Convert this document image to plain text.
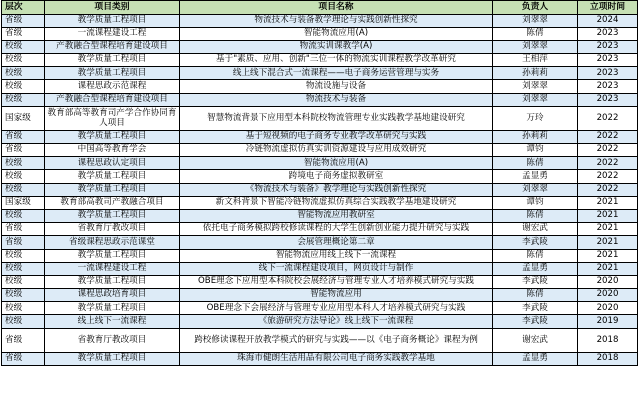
层次	项目类别	项目名称	负责人	立项时间
省级	教学质量工程项目	物流技术与装备教学理论与实践创新性探究	刘翠翠	2024
省级	一流课程建设工程	智能物流应用(A)	陈倩	2023
校级	产教融合型课程培育建设项目	物流实训课教学(A)	刘翠翠	2023
校级	教学质量工程项目	基于"素质、应用、创新"三位一体的物流实训课程教学改革研究	王相萍	2023
校级	教学质量工程项目	线上线下混合式一流课程——电子商务运营管理与实务	孙莉莉	2023
校级	课程思政示范课程	物流设施与设备	刘翠翠	2023
校级	产教融合型课程培育建设项目	物流技术与装备	刘翠翠	2023
国家级	教育部高等教育司产学合作协同育人项目	智慧物流背景下应用型本科院校物流管理专业实践教学基地建设研究	万玲	2022
省级	教学质量工程项目	基于短视频的电子商务专业教学改革研究与实践	孙莉莉	2022
省级	中国高等教育学会	冷链物流虚拟仿真实训资源建设与应用成效研究	谭钧	2022
校级	课程思政认定项目	智能物流应用(A)	陈倩	2022
校级	教学质量工程项目	跨境电子商务虚拟教研室	孟显勇	2022
校级	教学质量工程项目	《物流技术与装备》教学理论与实践创新性探究	刘翠翠	2022
国家级	教育部高教司产教融合项目	新文科背景下智能冷链物流虚拟仿真综合实践教学基地建设研究	谭钧	2021
校级	教学质量工程项目	智能物流应用教研室	陈倩	2021
省级	省教育厅教改项目	依托电子商务模拟跨校修读课程的大学生创新创业能力提升研究与实践	谢宏武	2021
省级	省级课程思政示范课堂	会展管理概论第二章	李武陵	2021
校级	教学质量工程项目	智能物流应用线上线下一流课程	陈倩	2021
校级	一流课程建设工程	线下一流课程建设项目，网页设计与制作	孟显勇	2021
校级	教学质量工程项目	OBE理念下应用型本科院校会展经济与管理专业人才培养模式研究与实践	李武陵	2020
校级	课程思政培育项目	智能物流应用	陈倩	2020
校级	教学质量工程项目	OBE理念下会展经济与管理专业应用型本科人才培养模式研究与实践	李武陵	2020
校级	线上线下一流课程	《旅游研究方法导论》线上线下一流课程	李武陵	2019
省级	省教育厅教改项目	跨校修读课程开放教学模式的研究与实践——以《电子商务概论》课程为例	谢宏武	2018
省级	教学质量工程项目	珠海市健朗生活用品有限公司电子商务实践教学基地	孟显勇	2018
